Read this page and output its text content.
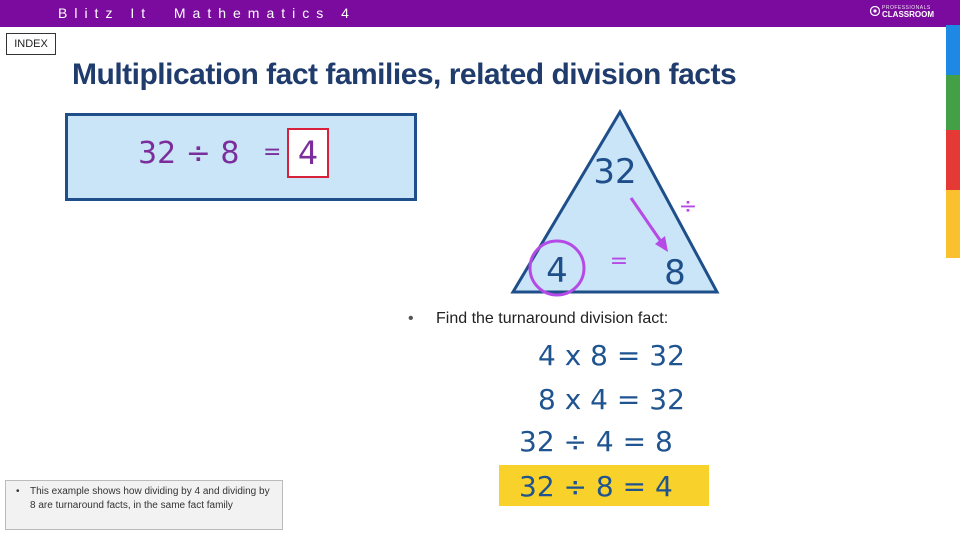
Blitz It  Mathematics 4	PROFESSIONALS
CLASSROOM
INDEX
Multiplication fact families, related division facts
32 ÷ 8 = 4	32
4	8
÷
=
• Find the turnaround division fact:
4 x 8 = 32
8 x 4 = 32
32 ÷ 4 = 8
32 ÷ 8 = 4
• This example shows how dividing by 4 and dividing by 8 are turnaround facts, in the same fact family
